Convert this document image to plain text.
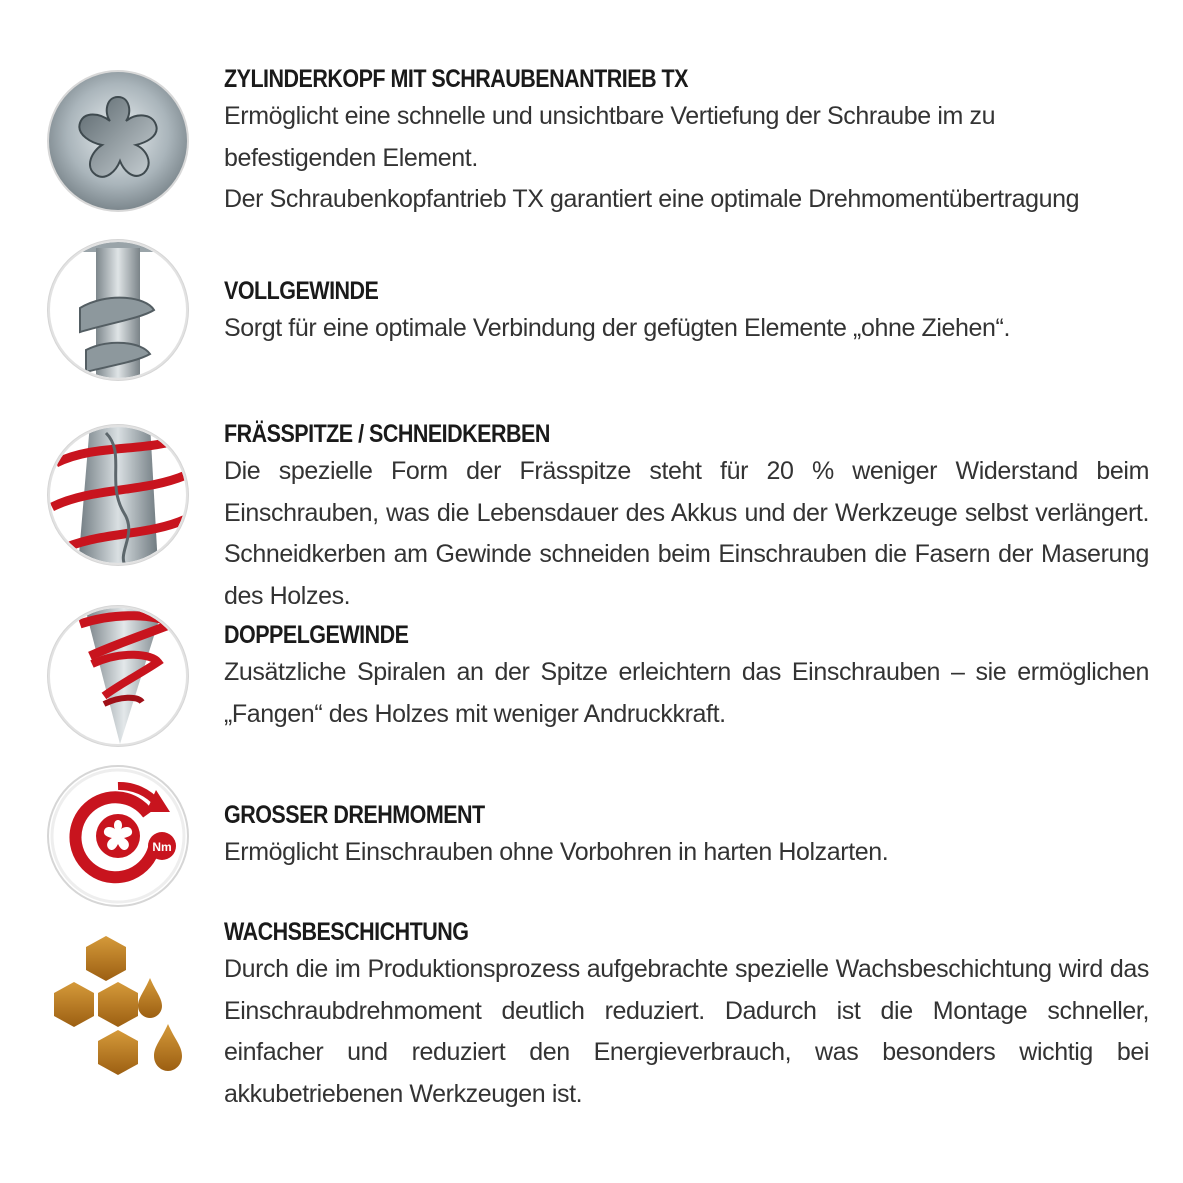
ZYLINDERKOPF MIT SCHRAUBENANTRIEB TX

Ermöglicht eine schnelle und unsichtbare Vertiefung der Schraube im zu befestigenden Element.

Der Schraubenkopfantrieb TX garantiert eine optimale Drehmomentübertragung

VOLLGEWINDE

Sorgt für eine optimale Verbindung der gefügten Elemente „ohne Ziehen“.

FRÄSSPITZE / SCHNEIDKERBEN

Die spezielle Form der Frässpitze steht für 20 % weniger Widerstand beim Einschrauben, was die Lebensdauer des Akkus und der Werkzeuge selbst verlängert. Schneidkerben am Gewinde schneiden beim Einschrauben die Fasern der Maserung des Holzes.

DOPPELGEWINDE

Zusätzliche Spiralen an der Spitze erleichtern das Einschrauben – sie ermöglichen „Fangen“ des Holzes mit weniger Andruckkraft.

Nm
GROSSER DREHMOMENT

Ermöglicht Einschrauben ohne Vorbohren in harten Holzarten.

WACHSBESCHICHTUNG

Durch die im Produktionsprozess aufgebrachte spezielle Wachsbeschichtung wird das Einschraubdrehmoment deutlich reduziert. Dadurch ist die Montage schneller, einfacher und reduziert den Energieverbrauch, was besonders wichtig bei akkubetriebenen Werkzeugen ist.
